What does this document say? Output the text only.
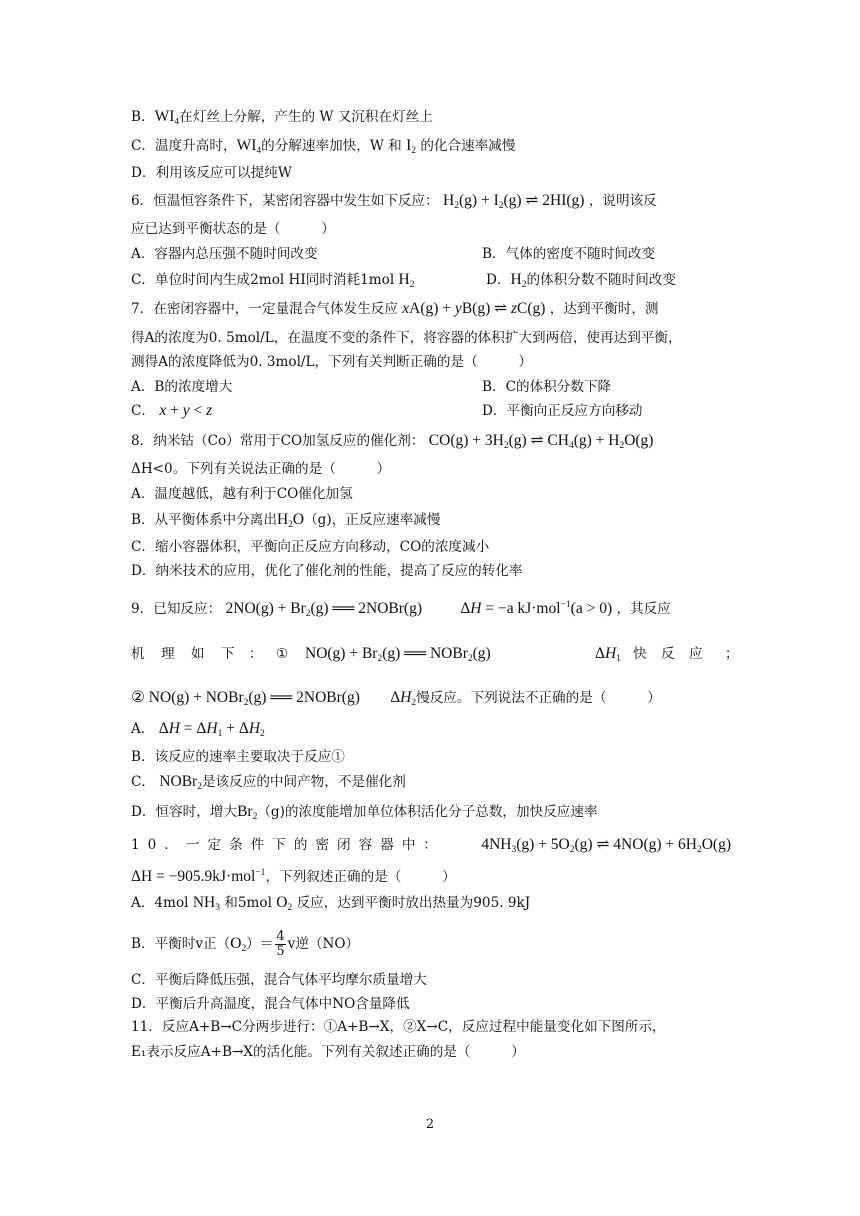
B．$WI_4$在灯丝上分解，产生的 W 又沉积在灯丝上
C．温度升高时，$WI_4$的分解速率加快，W 和 $I_2$ 的化合速率减慢
D．利用该反应可以提纯W
6．恒温恒容条件下，某密闭容器中发生如下反应： $H_2(g) + I_2(g)$ ⇌ 2HI(g) ，说明该反
应已达到平衡状态的是（　　　）
A．容器内总压强不随时间改变	B．气体的密度不随时间改变
C．单位时间内生成2mol HI同时消耗1mol $H_2$	D．$H_2$的体积分数不随时间改变
7．在密闭容器中，一定量混合气体发生反应 xA(g) + yB(g) ⇌ zC(g) ，达到平衡时，测
得A的浓度为0. 5mol/L，在温度不变的条件下，将容器的体积扩大到两倍，使再达到平衡，
测得A的浓度降低为0. 3mol/L，下列有关判断正确的是（　　　）
A．B的浓度增大	B．C的体积分数下降
C． x + y < z	D．平衡向正反应方向移动
8．纳米钴（Co）常用于CO加氢反应的催化剂： $CO(g) + 3H_2(g)$ ⇌ $CH_4(g) + H_2O(g)$
ΔH<0。下列有关说法正确的是（　　　）
A．温度越低，越有利于CO催化加氢
B．从平衡体系中分离出$H_2O(g)$，正反应速率减慢
C．缩小容器体积，平衡向正反应方向移动，CO的浓度减小
D．纳米技术的应用，优化了催化剂的性能，提高了反应的转化率
9．已知反应： $2NO(g) + Br_2(g)$ ══ 2NOBr(g) ΔH = −a kJ·mol$^{-1}$(a > 0) ，其反应
机 理 如 下 ： ① $NO(g) + Br_2(g)$ ══ NOBr$_2$(g)	$\Delta H_1$ 快 反 应 ；
② NO(g) + NOBr$_2$(g) ══ 2NOBr(g) $\Delta H_2$慢反应。下列说法不正确的是（　　　）
A． $\Delta H = \Delta H_1 + \Delta H_2$
B．该反应的速率主要取决于反应①
C． NOBr$_2$是该反应的中间产物，不是催化剂
D．恒容时，增大$Br_2(g)$的浓度能增加单位体积活化分子总数，加快反应速率
10．一定条件下的密闭容器中： $4NH_3(g) + 5O_2(g)$ ⇌ $4NO(g) + 6H_2O(g)$
ΔH = −905.9kJ·mol$^{-1}$，下列叙述正确的是（　　　）
A．4mol $NH_3$ 和5mol $O_2$ 反应，达到平衡时放出热量为905. 9kJ
B．平衡时v正$(O_2)= \frac{4}{5}$ v逆（NO）
C．平衡后降低压强，混合气体平均摩尔质量增大
D．平衡后升高温度，混合气体中NO含量降低
11．反应A+B→C分两步进行：①A+B→X，②X→C，反应过程中能量变化如下图所示，
E₁表示反应A+B→X的活化能。下列有关叙述正确的是（　　　）
2
